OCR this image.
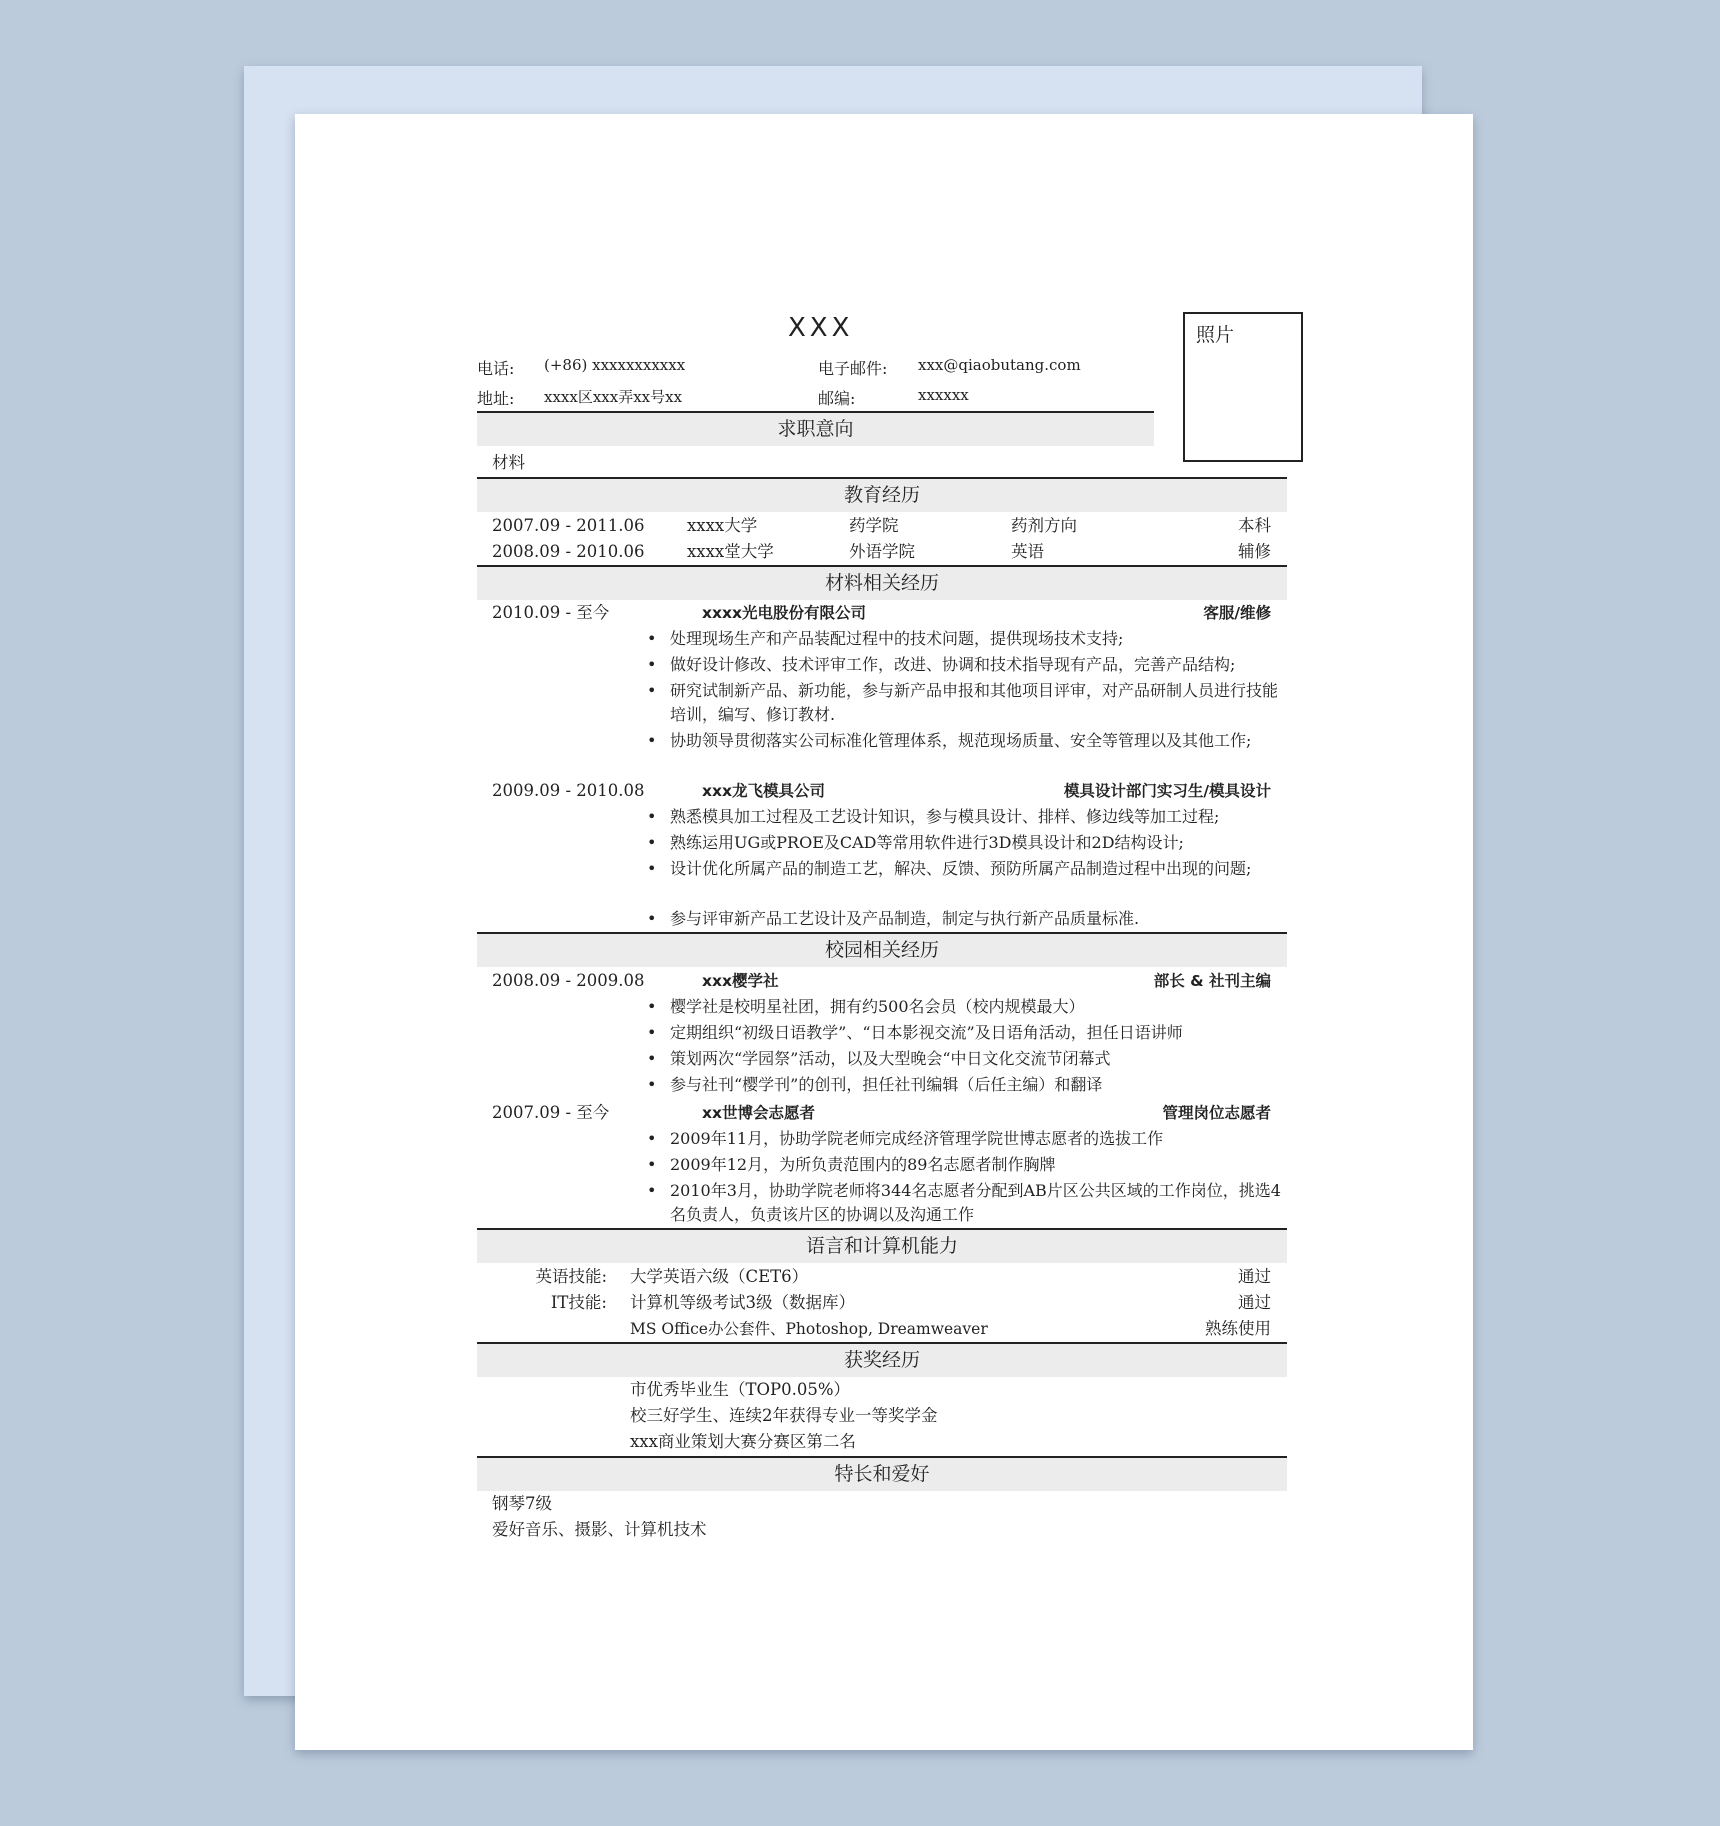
XXX	照片
电话: (+86) xxxxxxxxxxx	电子邮件: xxx@qiaobutang.com
地址: xxxx区xxx弄xx号xx	邮编:	xxxxxx
求职意向
材料
教育经历
2007.09 - 2011.06	xxxx大学	药学院	药剂方向	本科
2008.09 - 2010.06	xxxx堂大学	外语学院	英语	辅修
材料相关经历
2010.09 - 至今	xxxx光电股份有限公司	客服/维修
• 处理现场生产和产品装配过程中的技术问题，提供现场技术支持;
• 做好设计修改、技术评审工作，改进、协调和技术指导现有产品，完善产品结构;
• 研究试制新产品、新功能，参与新产品申报和其他项目评审，对产品研制人员进行技能培训，编写、修订教材.
• 协助领导贯彻落实公司标准化管理体系，规范现场质量、安全等管理以及其他工作;
2009.09 - 2010.08	xxx龙飞模具公司	模具设计部门实习生/模具设计
• 熟悉模具加工过程及工艺设计知识，参与模具设计、排样、修边线等加工过程;
• 熟练运用UG或PROE及CAD等常用软件进行3D模具设计和2D结构设计;
• 设计优化所属产品的制造工艺，解决、反馈、预防所属产品制造过程中出现的问题;
• 参与评审新产品工艺设计及产品制造，制定与执行新产品质量标准.
校园相关经历
2008.09 - 2009.08	xxx樱学社	部长 & 社刊主编
• 樱学社是校明星社团，拥有约500名会员（校内规模最大）
• 定期组织“初级日语教学”、“日本影视交流”及日语角活动，担任日语讲师
• 策划两次“学园祭”活动，以及大型晚会“中日文化交流节闭幕式
• 参与社刊“樱学刊”的创刊，担任社刊编辑（后任主编）和翻译
2007.09 - 至今	xx世博会志愿者	管理岗位志愿者
• 2009年11月，协助学院老师完成经济管理学院世博志愿者的选拔工作
• 2009年12月，为所负责范围内的89名志愿者制作胸牌
• 2010年3月，协助学院老师将344名志愿者分配到AB片区公共区域的工作岗位，挑选4名负责人，负责该片区的协调以及沟通工作
语言和计算机能力
英语技能: 大学英语六级（CET6）	通过
IT技能: 计算机等级考试3级（数据库）	通过
MS Office办公套件、Photoshop, Dreamweaver	熟练使用
获奖经历
市优秀毕业生（TOP0.05%）
校三好学生、连续2年获得专业一等奖学金
xxx商业策划大赛分赛区第二名
特长和爱好
钢琴7级
爱好音乐、摄影、计算机技术
